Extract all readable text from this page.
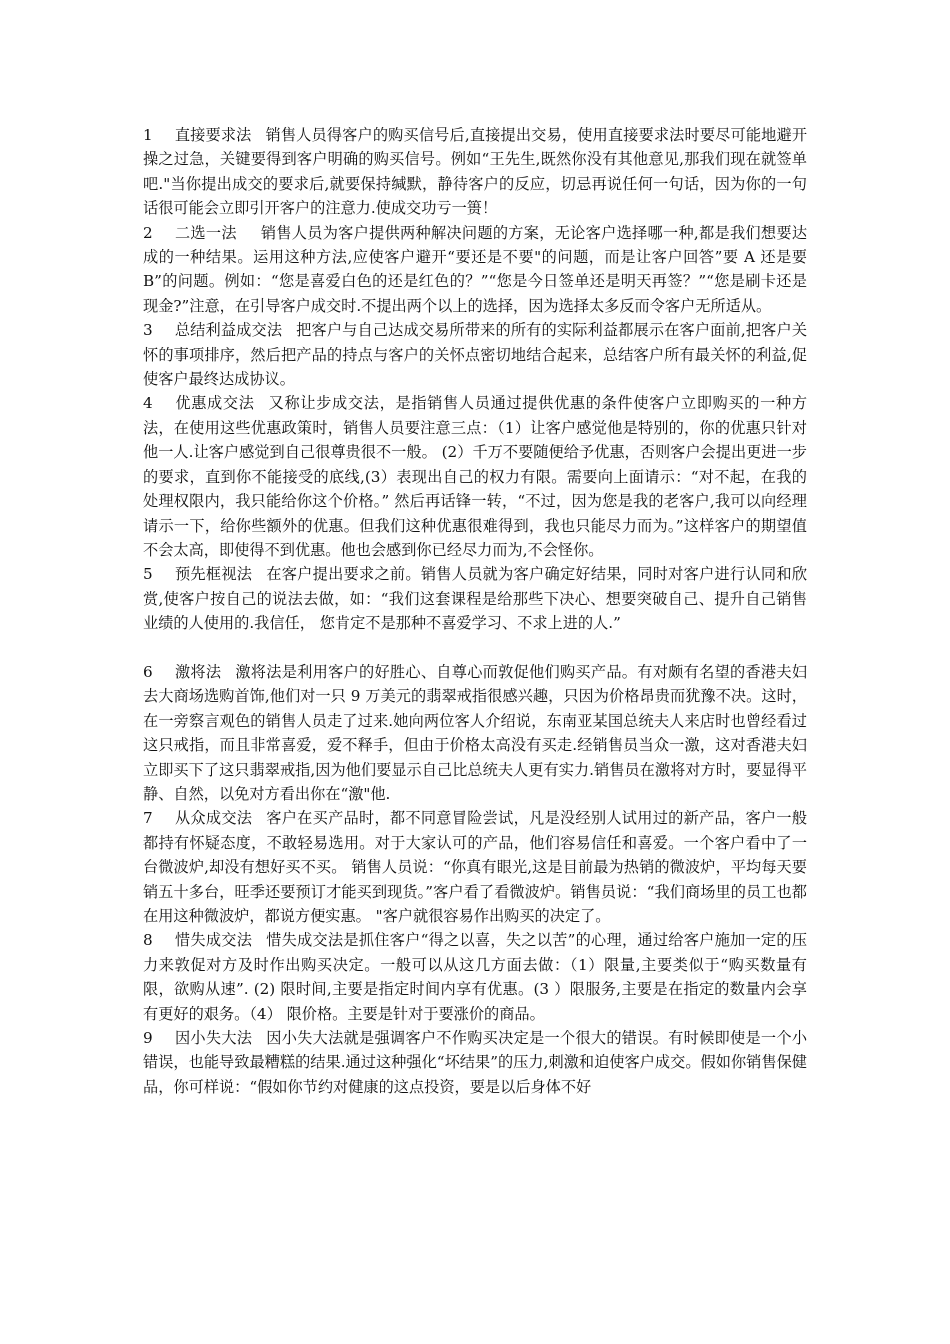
1 直接要求法 销售人员得客户的购买信号后,直接提出交易，使用直接要求法时要尽可能地避开操之过急，关键要得到客户明确的购买信号。例如“王先生,既然你没有其他意见,那我们现在就签单吧."当你提出成交的要求后,就要保持缄默，静待客户的反应，切忌再说任何一句话，因为你的一句话很可能会立即引开客户的注意力.使成交功亏一篑！

2 二选一法 销售人员为客户提供两种解决问题的方案，无论客户选择哪一种,都是我们想要达成的一种结果。运用这种方法,应使客户避开“要还是不要"的问题，而是让客户回答”要 A 还是要 B”的问题。例如：“您是喜爱白色的还是红色的？”“您是今日签单还是明天再签？”“您是刷卡还是现金?”注意，在引导客户成交时.不提出两个以上的选择，因为选择太多反而令客户无所适从。

3 总结利益成交法 把客户与自己达成交易所带来的所有的实际利益都展示在客户面前,把客户关怀的事项排序，然后把产品的持点与客户的关怀点密切地结合起来，总结客户所有最关怀的利益,促使客户最终达成协议。

4 优惠成交法 又称让步成交法，是指销售人员通过提供优惠的条件使客户立即购买的一种方法，在使用这些优惠政策时，销售人员要注意三点：（1）让客户感觉他是特别的，你的优惠只针对他一人.让客户感觉到自己很尊贵很不一般。 (2）千万不要随便给予优惠，否则客户会提出更进一步的要求，直到你不能接受的底线,(3）表现出自己的权力有限。需要向上面请示：“对不起，在我的处理权限内，我只能给你这个价格。” 然后再话锋一转，“不过，因为您是我的老客户,我可以向经理请示一下，给你些额外的优惠。但我们这种优惠很难得到，我也只能尽力而为。”这样客户的期望值不会太高，即使得不到优惠。他也会感到你已经尽力而为,不会怪你。

5 预先框视法 在客户提出要求之前。销售人员就为客户确定好结果，同时对客户进行认同和欣赏,使客户按自己的说法去做，如：“我们这套课程是给那些下决心、想要突破自己、提升自己销售业绩的人使用的.我信任， 您肯定不是那种不喜爱学习、不求上进的人.”

6 激将法 激将法是利用客户的好胜心、自尊心而敦促他们购买产品。有对颇有名望的香港夫妇去大商场选购首饰,他们对一只 9 万美元的翡翠戒指很感兴趣，只因为价格昂贵而犹豫不决。这时，在一旁察言观色的销售人员走了过来.她向两位客人介绍说，东南亚某国总统夫人来店时也曾经看过这只戒指，而且非常喜爱，爱不释手，但由于价格太高没有买走.经销售员当众一激，这对香港夫妇立即买下了这只翡翠戒指,因为他们要显示自己比总统夫人更有实力.销售员在激将对方时，要显得平静、自然，以免对方看出你在“激"他.

7 从众成交法 客户在买产品时，都不同意冒险尝试，凡是没经别人试用过的新产品，客户一般都持有怀疑态度，不敢轻易选用。对于大家认可的产品，他们容易信任和喜爱。一个客户看中了一台微波炉,却没有想好买不买。 销售人员说：“你真有眼光,这是目前最为热销的微波炉，平均每天要销五十多台，旺季还要预订才能买到现货。”客户看了看微波炉。销售员说：“我们商场里的员工也都在用这种微波炉，都说方便实惠。 "客户就很容易作出购买的决定了。

8 惜失成交法 惜失成交法是抓住客户“得之以喜，失之以苦”的心理，通过给客户施加一定的压力来敦促对方及时作出购买决定。一般可以从这几方面去做：（1）限量,主要类似于“购买数量有限，欲购从速”. (2) 限时间,主要是指定时间内享有优惠。(3 ）限服务,主要是在指定的数量内会享有更好的艰务。（4） 限价格。主要是针对于要涨价的商品。

9 因小失大法 因小失大法就是强调客户不作购买决定是一个很大的错误。有时候即使是一个小错误，也能导致最糟糕的结果.通过这种强化“坏结果”的压力,刺激和迫使客户成交。假如你销售保健品，你可样说：“假如你节约对健康的这点投资，要是以后身体不好
